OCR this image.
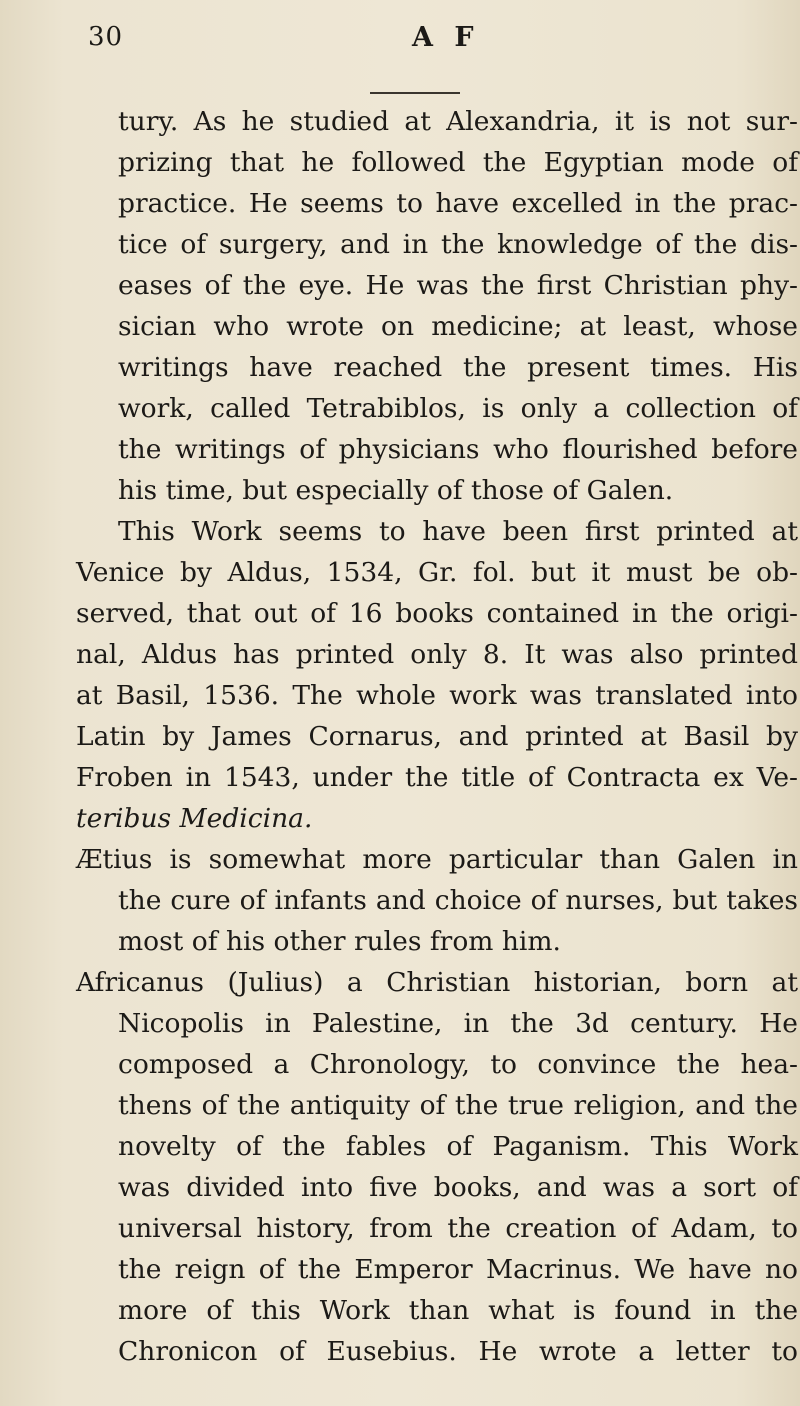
30	A F
tury. As he studied at Alexandria, it is not sur-
prizing that he followed the Egyptian mode of
practice. He seems to have excelled in the prac-
tice of surgery, and in the knowledge of the dis-
eases of the eye. He was the first Christian phy-
sician who wrote on medicine; at least, whose
writings have reached the present times. His
work, called Tetrabiblos, is only a collection of
the writings of physicians who flourished before
his time, but especially of those of Galen.
This Work seems to have been first printed at
Venice by Aldus, 1534, Gr. fol. but it must be ob-
served, that out of 16 books contained in the origi-
nal, Aldus has printed only 8. It was also printed
at Basil, 1536. The whole work was translated into
Latin by James Cornarus, and printed at Basil by
Froben in 1543, under the title of Contracta ex Ve-
teribus Medicina.
Ætius is somewhat more particular than Galen in
the cure of infants and choice of nurses, but takes
most of his other rules from him.
Africanus (Julius) a Christian historian, born at
Nicopolis in Palestine, in the 3d century. He
composed a Chronology, to convince the hea-
thens of the antiquity of the true religion, and the
novelty of the fables of Paganism. This Work
was divided into five books, and was a sort of
universal history, from the creation of Adam, to
the reign of the Emperor Macrinus. We have no
more of this Work than what is found in the
Chronicon of Eusebius. He wrote a letter to
